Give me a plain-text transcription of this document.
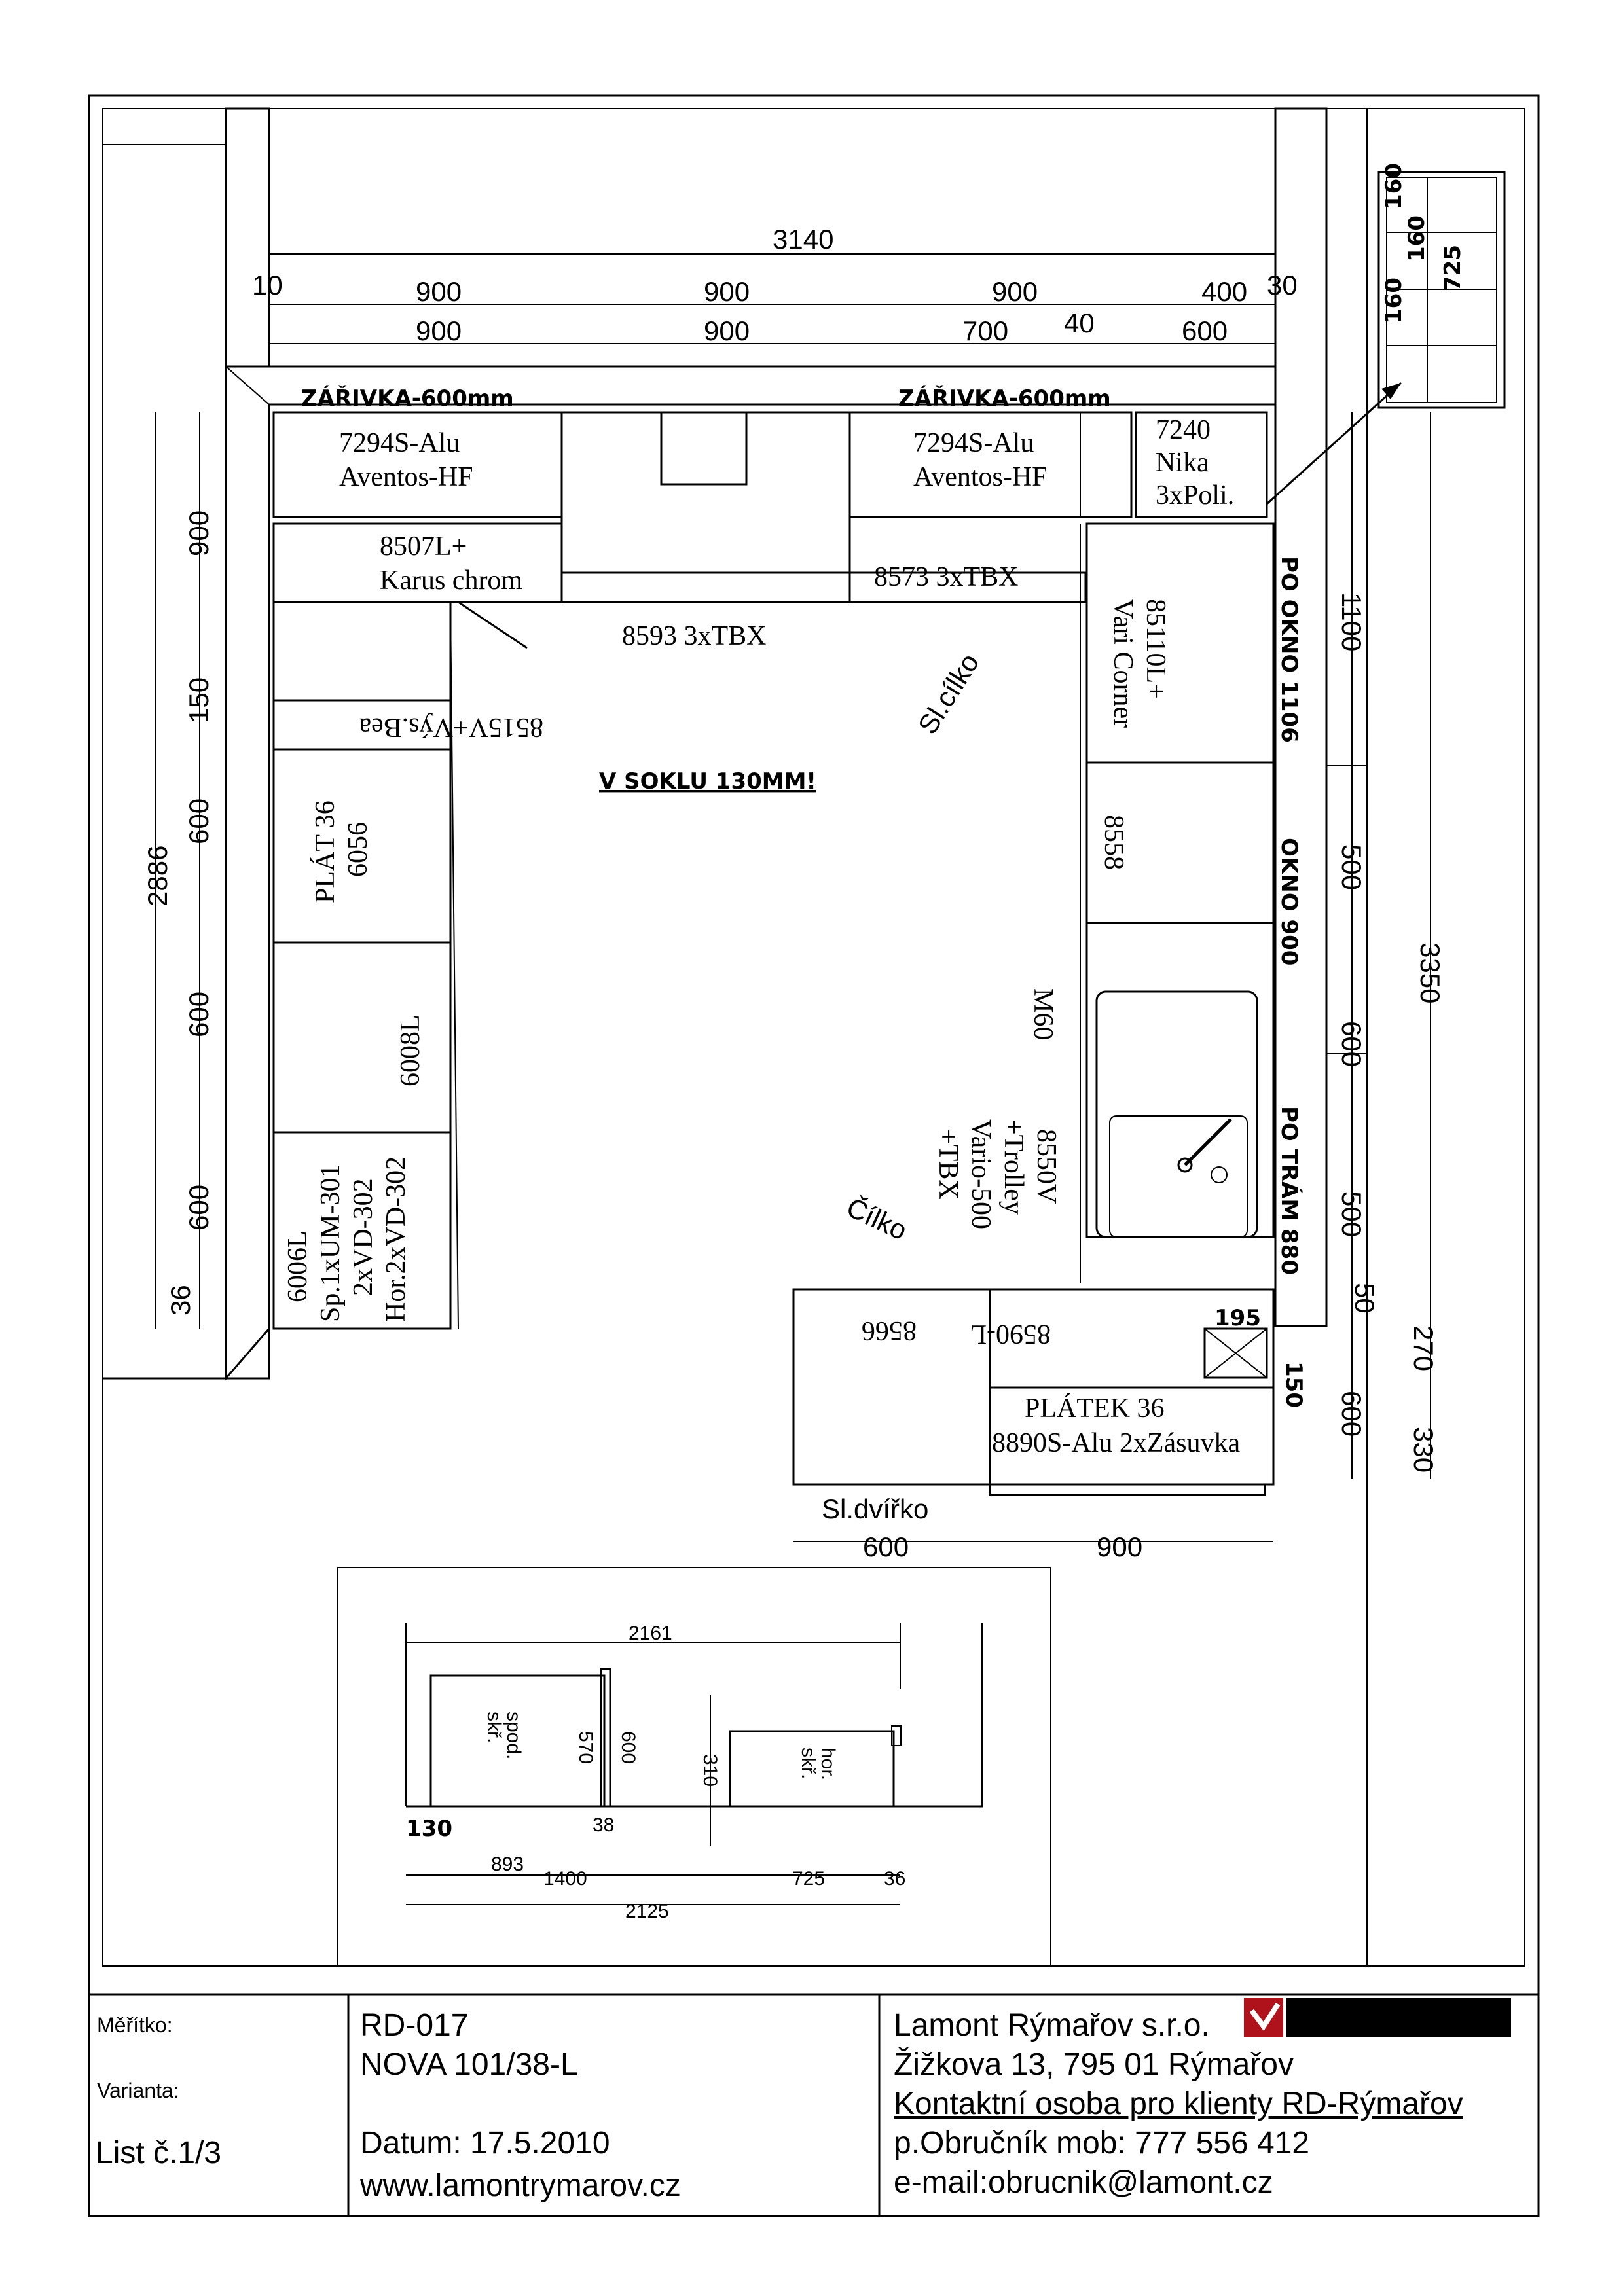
3140
10	30
900	900	900	400
900	900	700 40	600
2886
900
150
600
600
600
36
3350
1100
500
600
500
50
600
270
330
150
Sl.dvířko
600	900
ZÁŘIVKA-600mm	ZÁŘIVKA-600mm
V SOKLU 130MM!
PO OKNO 1106
OKNO 900
PO TRÁM 880
195
7294S-Alu
Aventos-HF
7294S-Alu
Aventos-HF
7240
Nika
3xPoli.
8507L+
Karus chrom
8593 3xTBX
8573 3xTBX
8515V+Výs.Bea
PLÁT 36 6056
6008L
6006L Sp.1xUM-301 2xVD-302 Hor.2xVD-302
85110L+
Vari Corner
8558
M60
8550V
+Trolley
Vario-500
+TBX
8566 8590-L
PLÁTEK 36
8890S-Alu 2xZásuvka
Sl.cílko
Čílko
160
160
160
725
2161
spod.
skř.
hor.
skř.
570 600
310
130	38
893
1400	725	36
2125
Měřítko:
Varianta:
List č.1/3
RD-017
NOVA 101/38-L
Datum: 17.5.2010
www.lamontrymarov.cz
Lamont Rýmařov s.r.o.
Žižkova 13, 795 01 Rýmařov
Kontaktní osoba pro klienty RD-Rýmařov
p.Obručník mob: 777 556 412
e-mail:obrucnik@lamont.cz
LAMONT
